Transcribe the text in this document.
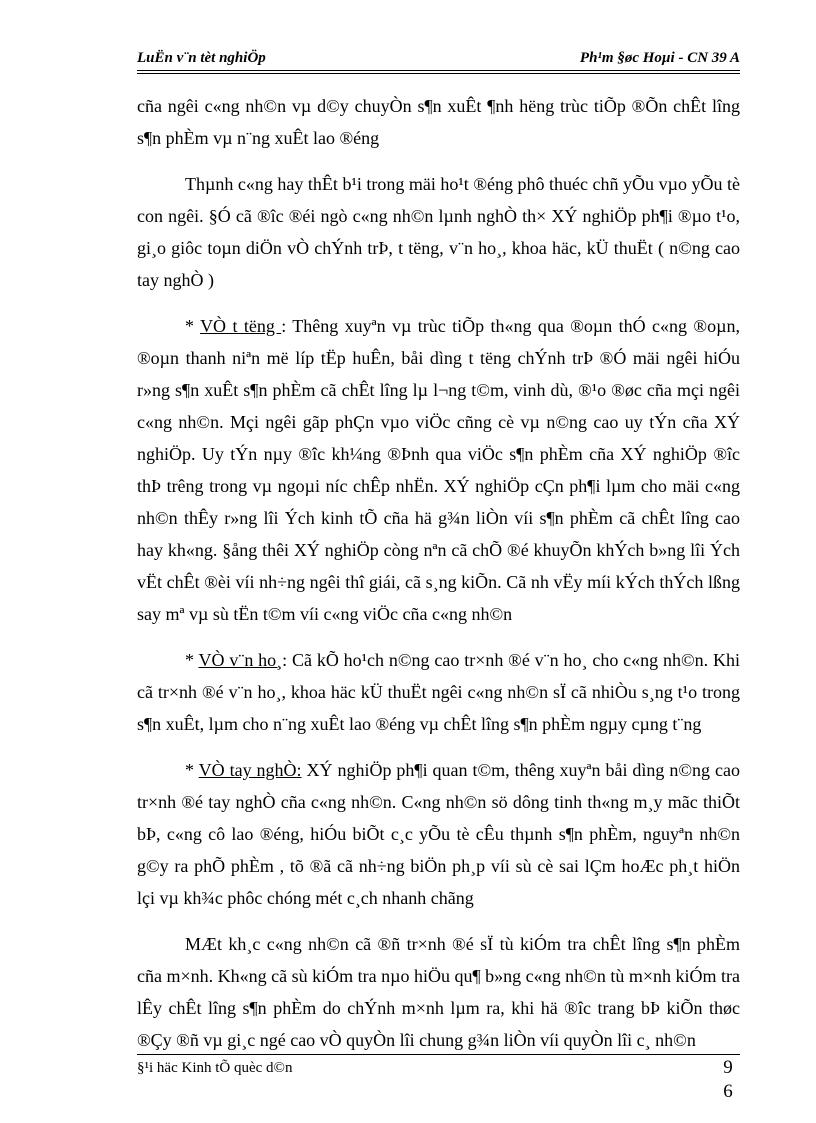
LuËn v¨n tèt nghiÖp	Ph¹m §øc Hoµi - CN 39 A

cña ngêi c«ng nh©n vµ d©y chuyÒn s¶n xuÊt ¶nh hëng trùc tiÕp ®Õn chÊt lîng s¶n phÈm vµ n¨ng xuÊt lao ®éng

Thµnh c«ng hay thÊt b¹i trong mäi ho¹t ®éng phô thuéc chñ yÕu vµo yÕu tè con ngêi. §Ó cã ®îc ®éi ngò c«ng nh©n lµnh nghÒ th× XÝ nghiÖp ph¶i ®µo t¹o, gi¸o giôc toµn diÖn vÒ chÝnh trÞ, t tëng, v¨n ho¸, khoa häc, kÜ thuËt ( n©ng cao tay nghÒ )

* VÒ t tëng : Thêng xuyªn vµ trùc tiÕp th«ng qua ®oµn thÓ c«ng ®oµn, ®oµn thanh niªn më líp tËp huÊn, båi dìng t tëng chÝnh trÞ ®Ó mäi ngêi hiÓu r»ng s¶n xuÊt s¶n phÈm cã chÊt lîng lµ l¬ng t©m, vinh dù, ®¹o ®øc cña mçi ngêi c«ng nh©n. Mçi ngêi gãp phÇn vµo viÖc cñng cè vµ n©ng cao uy tÝn cña XÝ nghiÖp. Uy tÝn nµy ®îc kh¼ng ®Þnh qua viÖc s¶n phÈm cña XÝ nghiÖp ®îc thÞ trêng trong vµ ngoµi níc chÊp nhËn. XÝ nghiÖp cÇn ph¶i lµm cho mäi c«ng nh©n thÊy r»ng lîi Ých kinh tÕ cña hä g¾n liÒn víi s¶n phÈm cã chÊt lîng cao hay kh«ng. §ång thêi XÝ nghiÖp còng nªn cã chÕ ®é khuyÕn khÝch b»ng lîi Ých vËt chÊt ®èi víi nh÷ng ngêi thî giái, cã s¸ng kiÕn. Cã nh vËy míi kÝch thÝch lßng say mª vµ sù tËn t©m víi c«ng viÖc cña c«ng nh©n

* VÒ v¨n ho¸: Cã kÕ ho¹ch n©ng cao tr×nh ®é v¨n ho¸ cho c«ng nh©n. Khi cã tr×nh ®é v¨n ho¸, khoa häc kÜ thuËt ngêi c«ng nh©n sÏ cã nhiÒu s¸ng t¹o trong s¶n xuÊt, lµm cho n¨ng xuÊt lao ®éng vµ chÊt lîng s¶n phÈm ngµy cµng t¨ng

* VÒ tay nghÒ: XÝ nghiÖp ph¶i quan t©m, thêng xuyªn båi dìng n©ng cao tr×nh ®é tay nghÒ cña c«ng nh©n. C«ng nh©n sö dông tinh th«ng m¸y mãc thiÕt bÞ, c«ng cô lao ®éng, hiÓu biÕt c¸c yÕu tè cÊu thµnh s¶n phÈm, nguyªn nh©n g©y ra phÕ phÈm , tõ ®ã cã nh÷ng biÖn ph¸p víi sù cè sai lÇm hoÆc ph¸t hiÖn lçi vµ kh¾c phôc chóng mét c¸ch nhanh chãng

MÆt kh¸c c«ng nh©n cã ®ñ tr×nh ®é sÏ tù kiÓm tra chÊt lîng s¶n phÈm cña m×nh. Kh«ng cã sù kiÓm tra nµo hiÖu qu¶ b»ng c«ng nh©n tù m×nh kiÓm tra lÊy chÊt lîng s¶n phÈm do chÝnh m×nh lµm ra, khi hä ®îc trang bÞ kiÕn thøc ®Çy ®ñ vµ gi¸c ngé cao vÒ quyÒn lîi chung g¾n liÒn víi quyÒn lîi c¸ nh©n

§¹i häc Kinh tÕ quèc d©n	9
6
